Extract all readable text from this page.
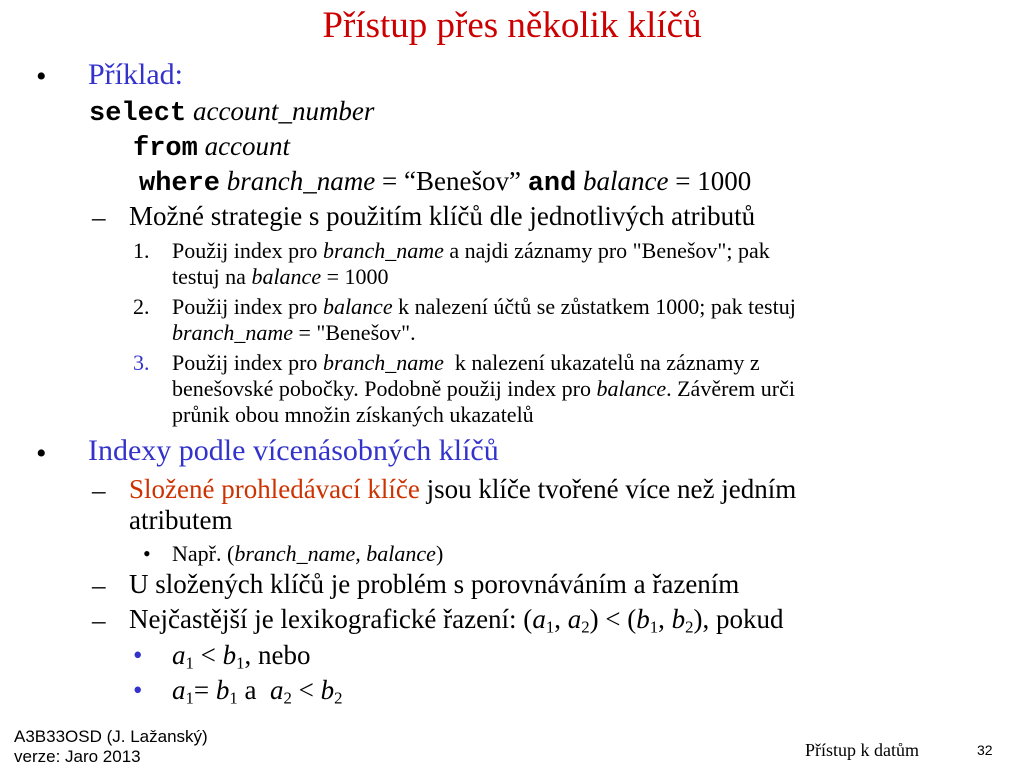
Přístup přes několik klíčů
• Příklad:
select account_number
from account
where branch_name = “Benešov” and balance = 1000
– Možné strategie s použitím klíčů dle jednotlivých atributů
1. Použij index pro branch_name a najdi záznamy pro "Benešov"; pak
testuj na balance = 1000
2. Použij index pro balance k nalezení účtů se zůstatkem 1000; pak testuj
branch_name = "Benešov".
3. Použij index pro branch_name  k nalezení ukazatelů na záznamy z
benešovské pobočky. Podobně použij index pro balance. Závěrem urči
průnik obou množin získaných ukazatelů
• Indexy podle vícenásobných klíčů
– Složené prohledávací klíče jsou klíče tvořené více než jedním
atributem
• Např. (branch_name, balance)
– U složených klíčů je problém s porovnáváním a řazením
– Nejčastější je lexikografické řazení: ($a_1$, $a_2) < (b_1$, $b_2$), pokud
• $a_1 < b_1$, nebo
• $a_1= b_1$ a  $a_2 < b_2$
A3B33OSD (J. Lažanský)
verze: Jaro 2013	Přístup k datům	32
